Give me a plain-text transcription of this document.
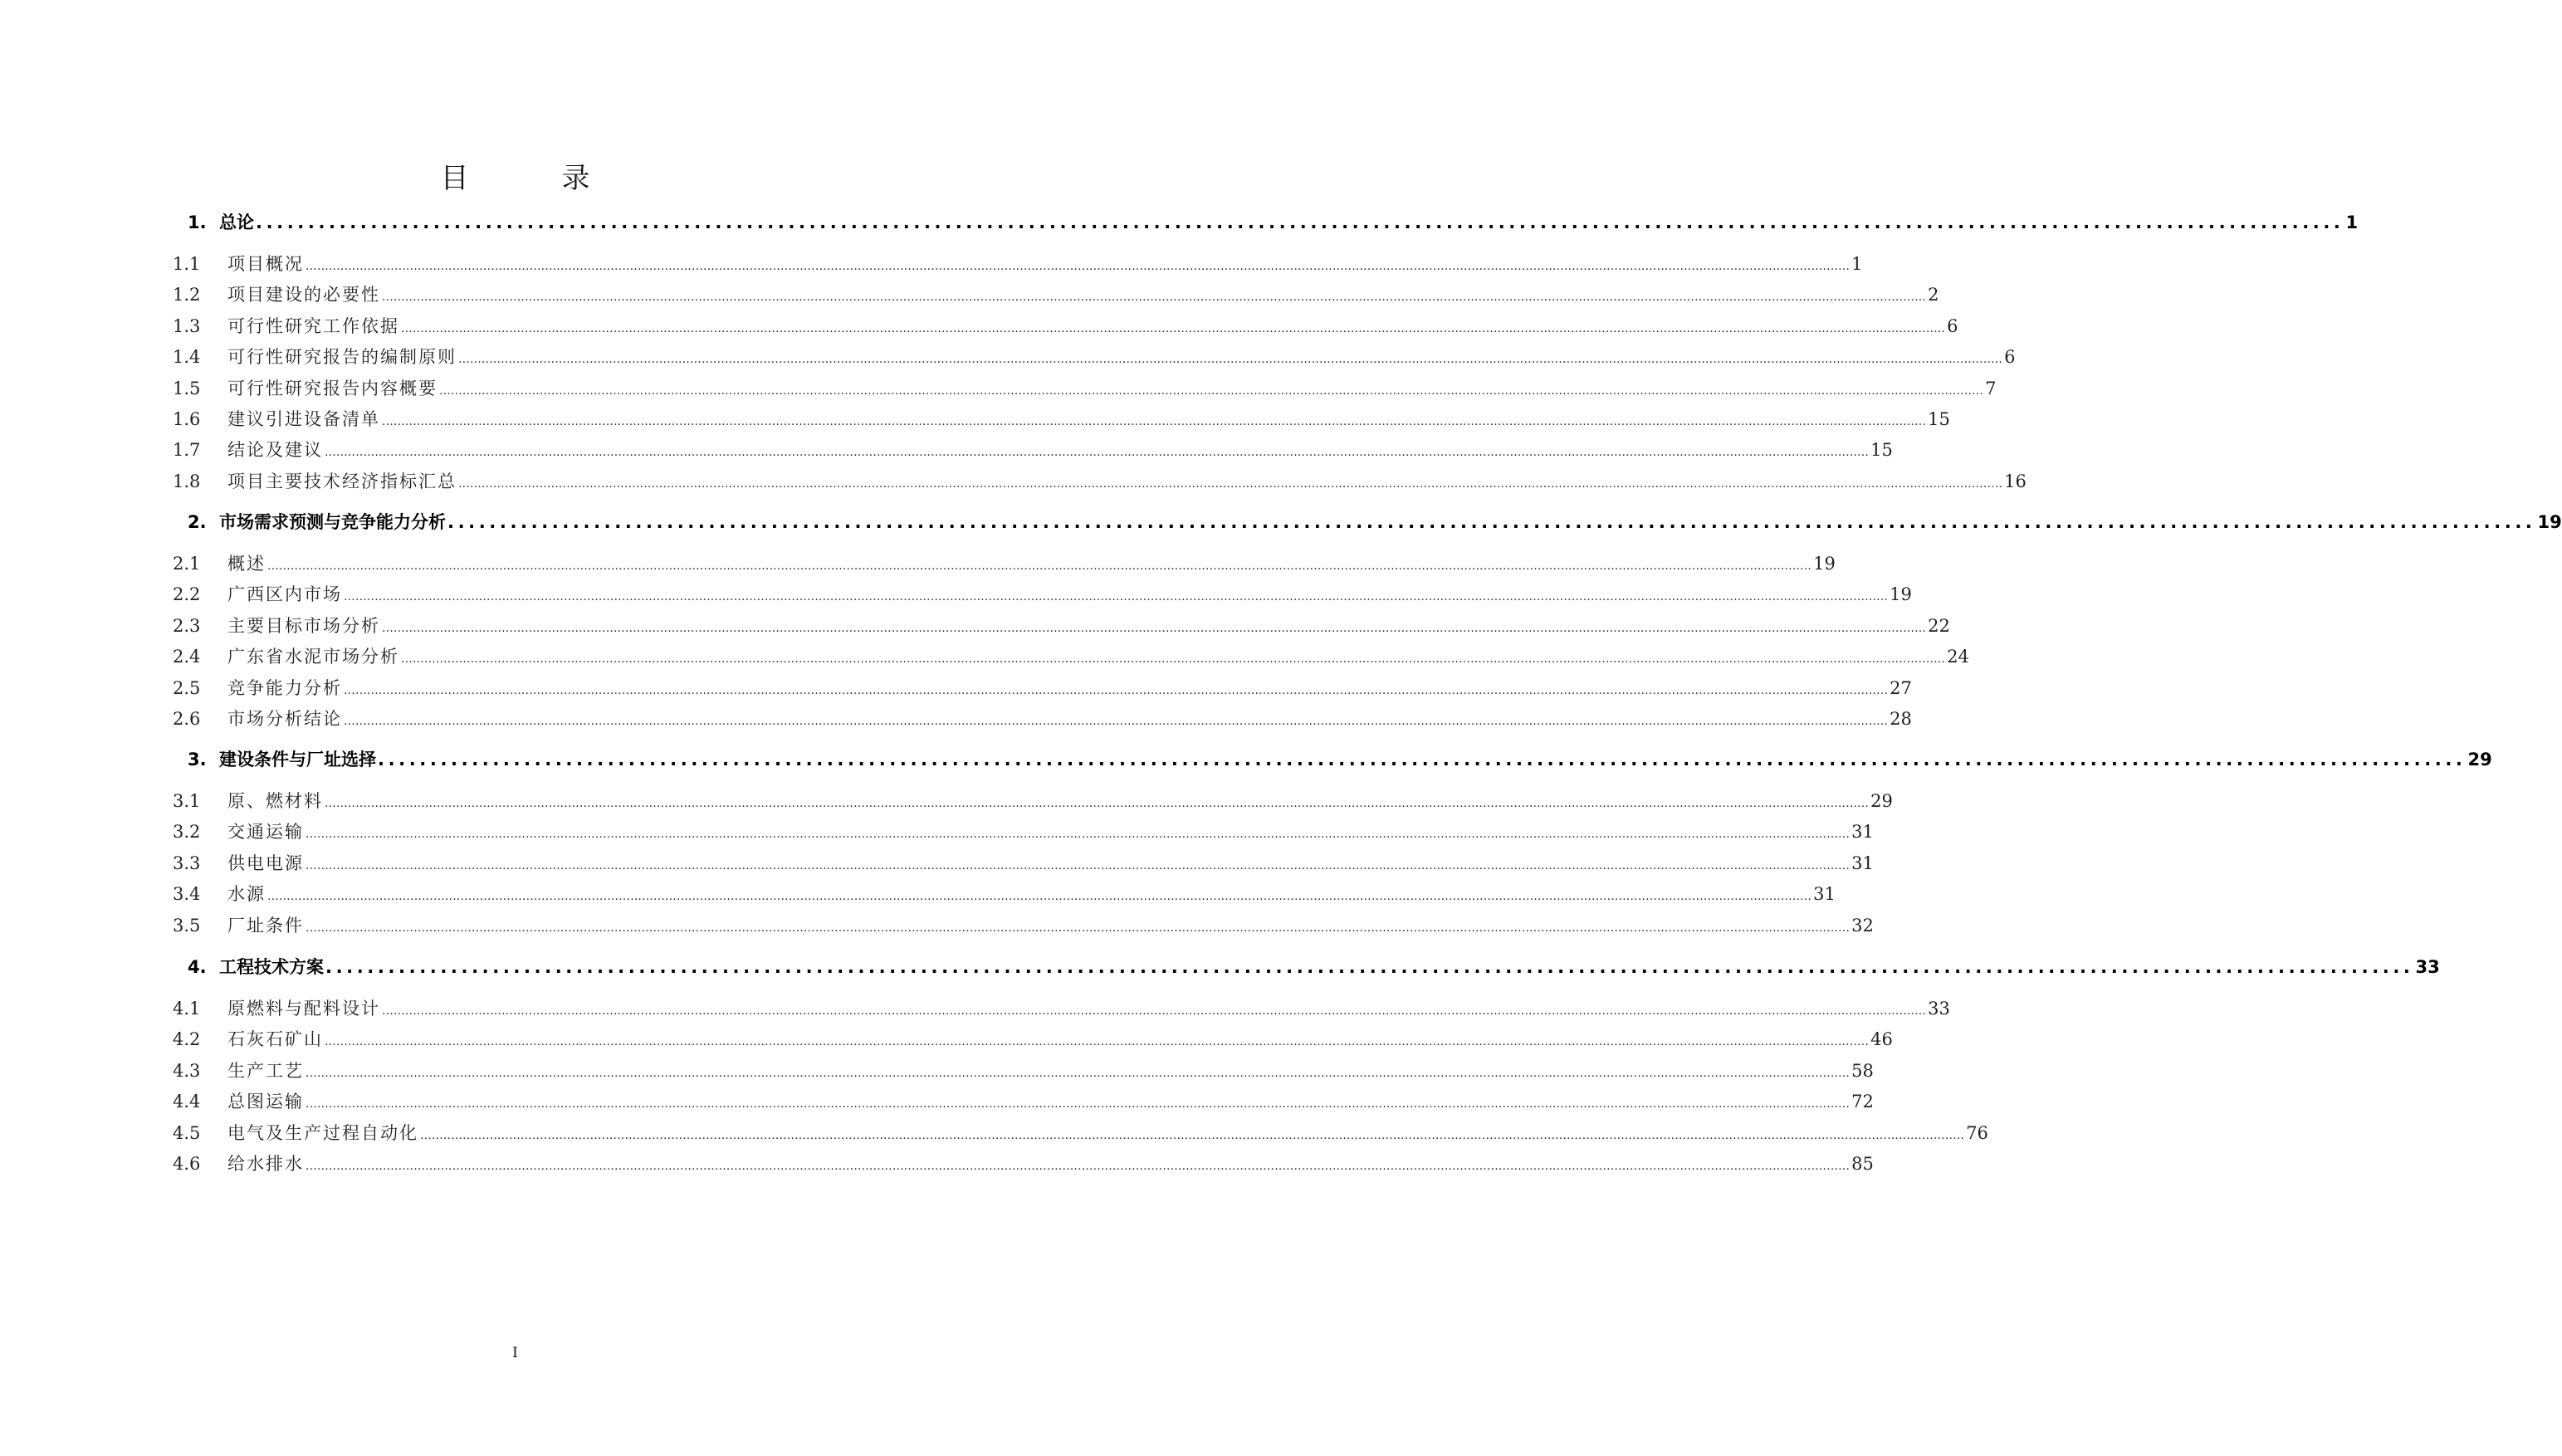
目录
1. 总论 ........................................................................................................................................................................................................ 1
1.1	项目概况 ................................................................................................................................................................................................................................................................................................................................................................................................................ 1
1.2	项目建设的必要性 ................................................................................................................................................................................................................................................................................................................................................................................................................ 2
1.3	可行性研究工作依据 ................................................................................................................................................................................................................................................................................................................................................................................................................ 6
1.4	可行性研究报告的编制原则 ................................................................................................................................................................................................................................................................................................................................................................................................................ 6
1.5	可行性研究报告内容概要 ................................................................................................................................................................................................................................................................................................................................................................................................................ 7
1.6	建议引进设备清单 ................................................................................................................................................................................................................................................................................................................................................................................................................ 15
1.7	结论及建议 ................................................................................................................................................................................................................................................................................................................................................................................................................ 15
1.8	项目主要技术经济指标汇总 ................................................................................................................................................................................................................................................................................................................................................................................................................ 16
2. 市场需求预测与竞争能力分析 ........................................................................................................................................................................................................ 19
2.1	概述 ................................................................................................................................................................................................................................................................................................................................................................................................................ 19
2.2	广西区内市场 ................................................................................................................................................................................................................................................................................................................................................................................................................ 19
2.3	主要目标市场分析 ................................................................................................................................................................................................................................................................................................................................................................................................................ 22
2.4	广东省水泥市场分析 ................................................................................................................................................................................................................................................................................................................................................................................................................ 24
2.5	竞争能力分析 ................................................................................................................................................................................................................................................................................................................................................................................................................ 27
2.6	市场分析结论 ................................................................................................................................................................................................................................................................................................................................................................................................................ 28
3. 建设条件与厂址选择 ........................................................................................................................................................................................................ 29
3.1	原、燃材料 ................................................................................................................................................................................................................................................................................................................................................................................................................ 29
3.2	交通运输 ................................................................................................................................................................................................................................................................................................................................................................................................................ 31
3.3	供电电源 ................................................................................................................................................................................................................................................................................................................................................................................................................ 31
3.4	水源 ................................................................................................................................................................................................................................................................................................................................................................................................................ 31
3.5	厂址条件 ................................................................................................................................................................................................................................................................................................................................................................................................................ 32
4. 工程技术方案 ........................................................................................................................................................................................................ 33
4.1	原燃料与配料设计 ................................................................................................................................................................................................................................................................................................................................................................................................................ 33
4.2	石灰石矿山 ................................................................................................................................................................................................................................................................................................................................................................................................................ 46
4.3	生产工艺 ................................................................................................................................................................................................................................................................................................................................................................................................................ 58
4.4	总图运输 ................................................................................................................................................................................................................................................................................................................................................................................................................ 72
4.5	电气及生产过程自动化 ................................................................................................................................................................................................................................................................................................................................................................................................................ 76
4.6	给水排水 ................................................................................................................................................................................................................................................................................................................................................................................................................ 85
I
